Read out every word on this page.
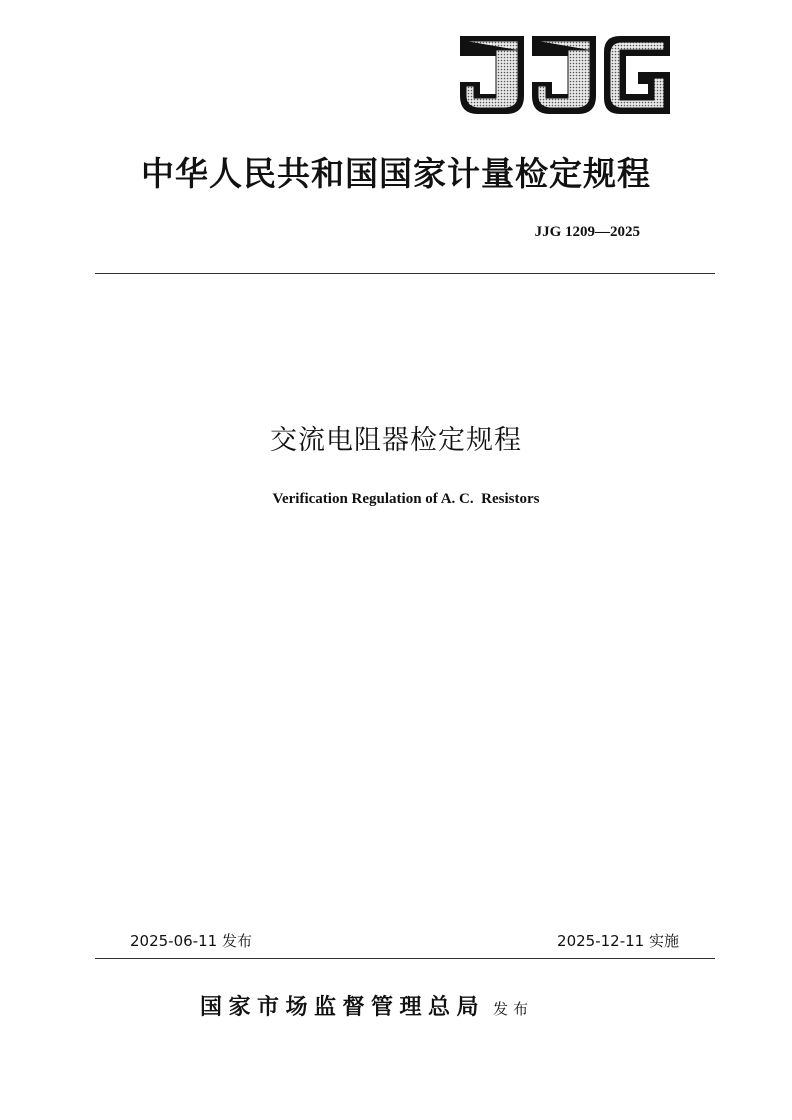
中华人民共和国国家计量检定规程
JJG 1209—2025
交流电阻器检定规程
Verification Regulation of A. C.  Resistors
2025-06-11 发布	2025-12-11 实施
国家市场监督管理总局 发布
